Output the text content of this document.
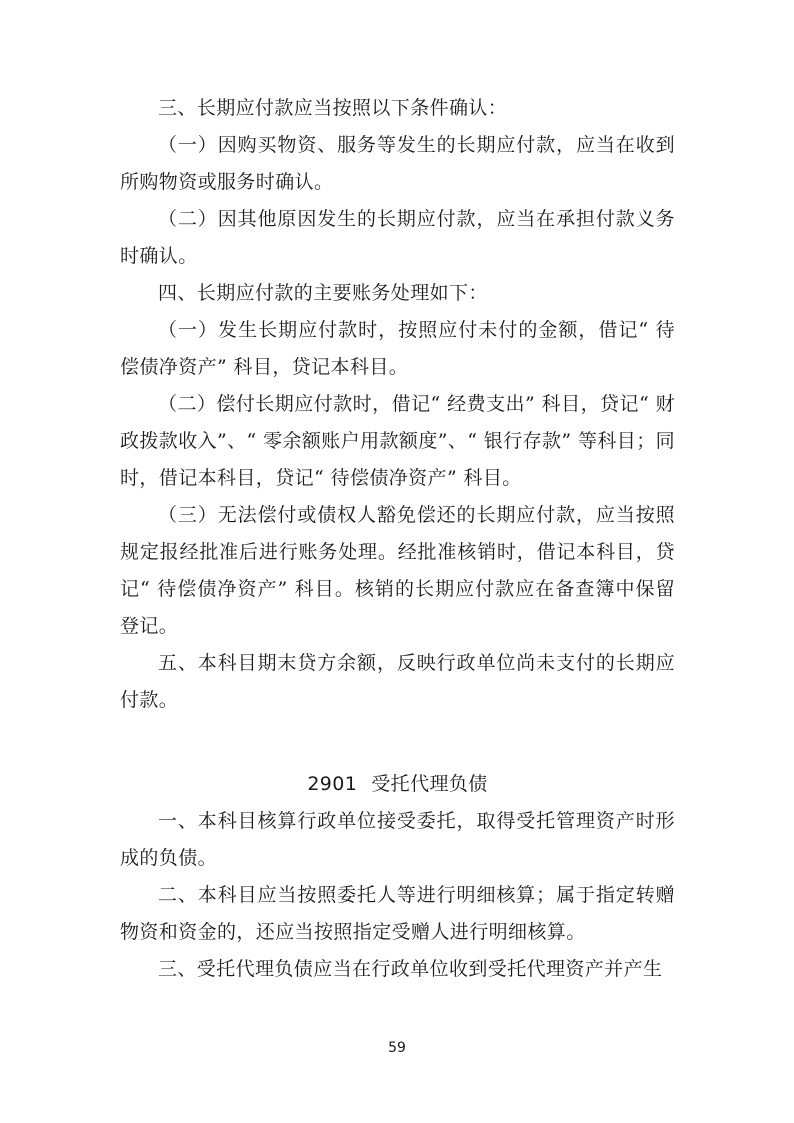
三、长期应付款应当按照以下条件确认：

（一）因购买物资、服务等发生的长期应付款，应当在收到所购物资或服务时确认。

（二）因其他原因发生的长期应付款，应当在承担付款义务时确认。

四、长期应付款的主要账务处理如下：

（一）发生长期应付款时，按照应付未付的金额，借记“ 待偿债净资产” 科目，贷记本科目。

（二）偿付长期应付款时，借记“ 经费支出” 科目，贷记“ 财政拨款收入”、“ 零余额账户用款额度”、“ 银行存款” 等科目；同时，借记本科目，贷记“ 待偿债净资产” 科目。

（三）无法偿付或债权人豁免偿还的长期应付款，应当按照规定报经批准后进行账务处理。经批准核销时，借记本科目，贷记“ 待偿债净资产” 科目。核销的长期应付款应在备查簿中保留登记。

五、本科目期末贷方余额，反映行政单位尚未支付的长期应付款。

2901 受托代理负债

一、本科目核算行政单位接受委托，取得受托管理资产时形成的负债。

二、本科目应当按照委托人等进行明细核算；属于指定转赠物资和资金的，还应当按照指定受赠人进行明细核算。

三、受托代理负债应当在行政单位收到受托代理资产并产生

59
